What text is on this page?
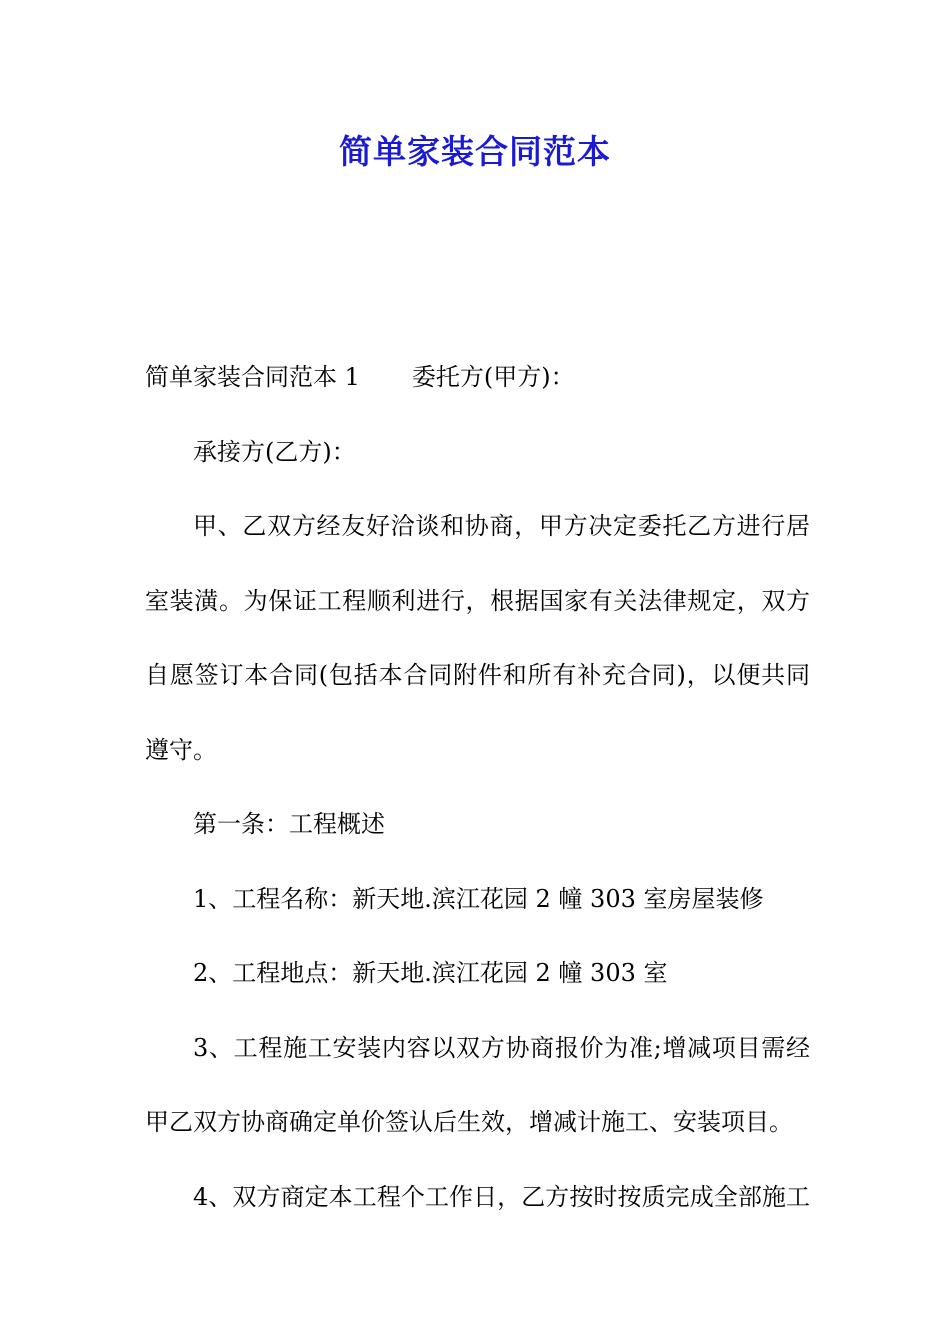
简单家装合同范本
简单家装合同范本 1 委托方(甲方)：
承接方(乙方)：
甲、乙双方经友好洽谈和协商，甲方决定委托乙方进行居
室装潢。为保证工程顺利进行，根据国家有关法律规定，双方
自愿签订本合同(包括本合同附件和所有补充合同)，以便共同
遵守。
第一条：工程概述
1、工程名称：新天地.滨江花园 2 幢 303 室房屋装修
2、工程地点：新天地.滨江花园 2 幢 303 室
3、工程施工安装内容以双方协商报价为准;增减项目需经
甲乙双方协商确定单价签认后生效，增减计施工、安装项目。
4、双方商定本工程个工作日，乙方按时按质完成全部施工
